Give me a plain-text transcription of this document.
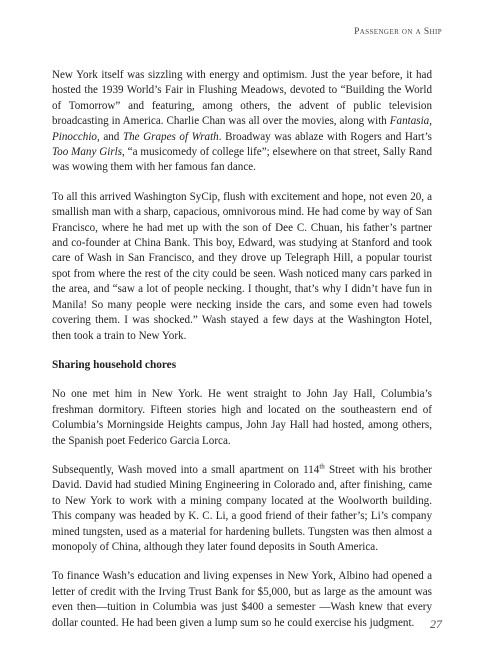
Passenger on a Ship

New York itself was sizzling with energy and optimism. Just the year before, it had hosted the 1939 World’s Fair in Flushing Meadows, devoted to “Building the World of Tomorrow” and featuring, among others, the advent of public television broadcasting in America. Charlie Chan was all over the movies, along with Fantasia, Pinocchio, and The Grapes of Wrath. Broadway was ablaze with Rogers and Hart’s Too Many Girls, “a musicomedy of college life”; elsewhere on that street, Sally Rand was wowing them with her famous fan dance.

To all this arrived Washington SyCip, flush with excitement and hope, not even 20, a smallish man with a sharp, capacious, omnivorous mind. He had come by way of San Francisco, where he had met up with the son of Dee C. Chuan, his father’s partner and co-founder at China Bank. This boy, Edward, was studying at Stanford and took care of Wash in San Francisco, and they drove up Telegraph Hill, a popular tourist spot from where the rest of the city could be seen. Wash noticed many cars parked in the area, and “saw a lot of people necking. I thought, that’s why I didn’t have fun in Manila! So many people were necking inside the cars, and some even had towels covering them. I was shocked.” Wash stayed a few days at the Washington Hotel, then took a train to New York.

Sharing household chores

No one met him in New York. He went straight to John Jay Hall, Columbia’s freshman dormitory. Fifteen stories high and located on the southeastern end of Columbia’s Morningside Heights campus, John Jay Hall had hosted, among others, the Spanish poet Federico Garcia Lorca.

Subsequently, Wash moved into a small apartment on 114th Street with his brother David. David had studied Mining Engineering in Colorado and, after finishing, came to New York to work with a mining company located at the Woolworth building. This company was headed by K. C. Li, a good friend of their father’s; Li’s company mined tungsten, used as a material for hardening bullets. Tungsten was then almost a monopoly of China, although they later found deposits in South America.

To finance Wash’s education and living expenses in New York, Albino had opened a letter of credit with the Irving Trust Bank for $5,000, but as large as the amount was even then—tuition in Columbia was just $400 a semester —Wash knew that every dollar counted. He had been given a lump sum so he could exercise his judgment.	27
